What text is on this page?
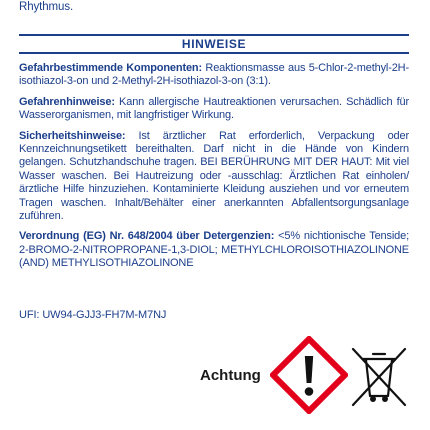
Rhythmus.
HINWEISE

Gefahrbestimmende Komponenten: Reaktionsmasse aus 5-Chlor-2-methyl-2H-isothiazol-3-on und 2-Methyl-2H-isothiazol-3-on (3:1).

Gefahrenhinweise: Kann allergische Hautreaktionen verursachen. Schädlich für Wasserorganismen, mit langfristiger Wirkung.

Sicherheitshinweise: Ist ärztlicher Rat erforderlich, Verpackung oder Kennzeichnungsetikett bereithalten. Darf nicht in die Hände von Kindern gelangen. Schutzhandschuhe tragen. BEI BERÜHRUNG MIT DER HAUT: Mit viel Wasser waschen. Bei Hautreizung oder -ausschlag: Ärztlichen Rat einholen/ärztliche Hilfe hinzuziehen. Kontaminierte Kleidung ausziehen und vor erneutem Tragen waschen. Inhalt/Behälter einer anerkannten Abfallentsorgungsanlage zuführen.

Verordnung (EG) Nr. 648/2004 über Detergenzien: <5% nichtionische Tenside; 2-BROMO-2-NITROPROPANE-1,3-DIOL; METHYLCHLOROISOTHIAZOLINONE (AND) METHYLISOTHIAZOLINONE

UFI: UW94-GJJ3-FH7M-M7NJ
Achtung
